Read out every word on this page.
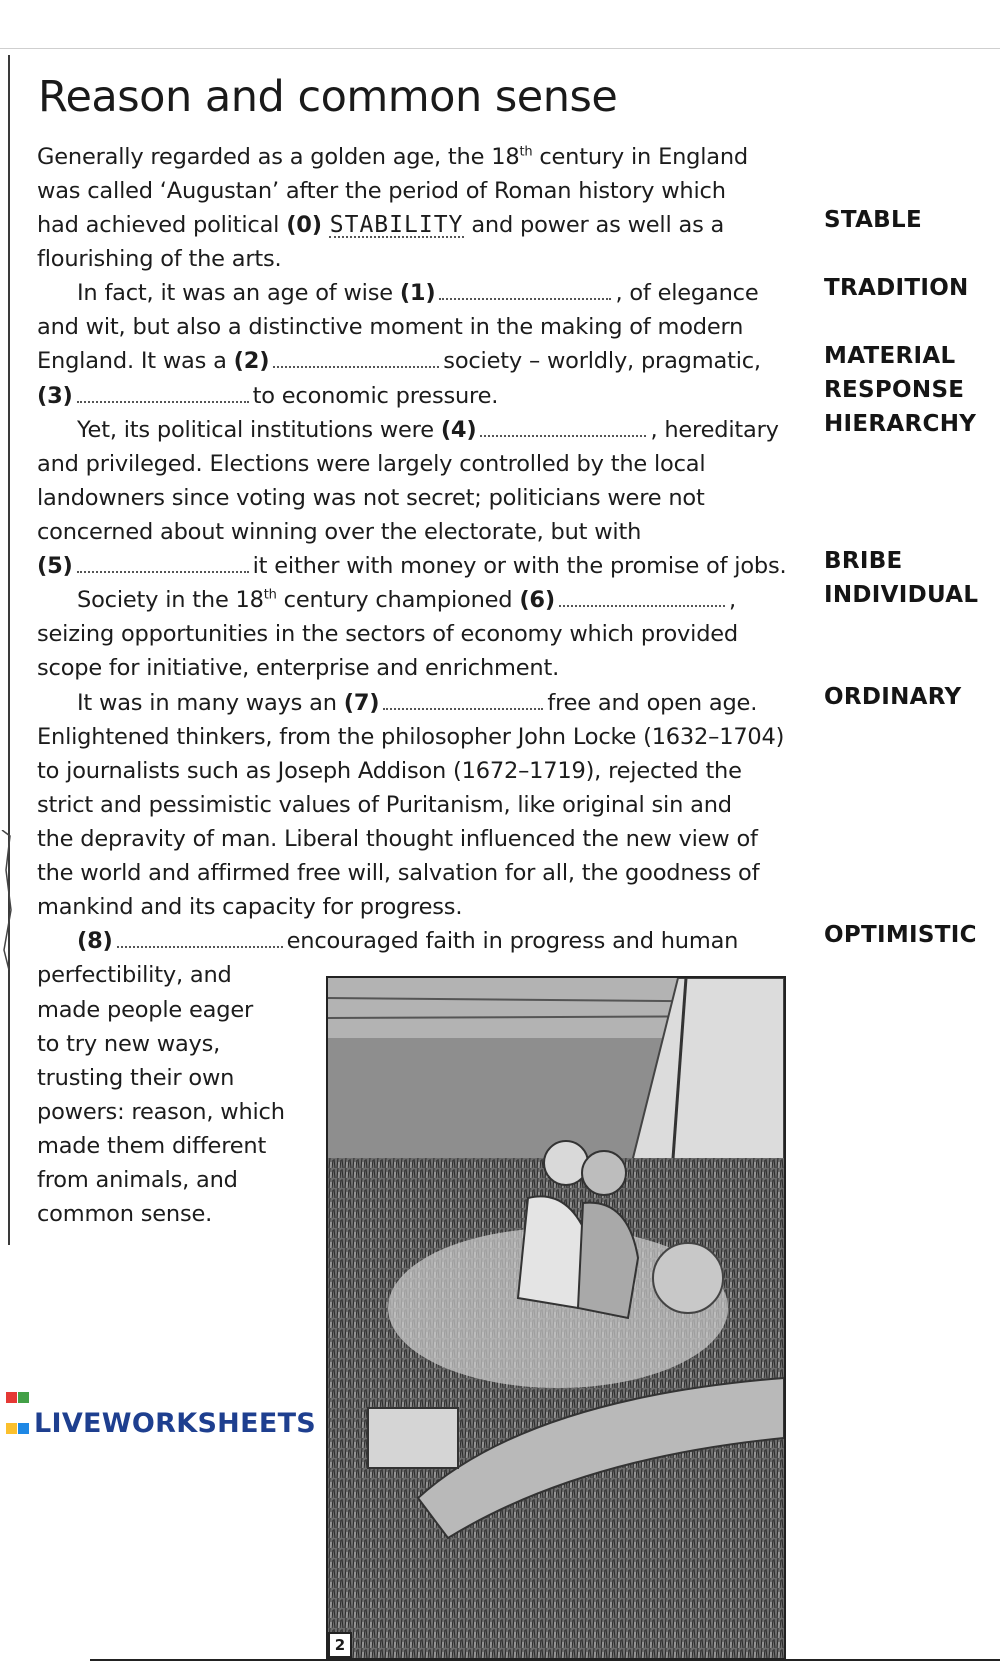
Reason and common sense
Generally regarded as a golden age, the 18th century in England
was called ‘Augustan’ after the period of Roman history which
had achieved political (0) STABILITY and power as well as a
flourishing of the arts.
In fact, it was an age of wise (1)	, of elegance
and wit, but also a distinctive moment in the making of modern
England. It was a (2)	society – worldly, pragmatic,
(3)	to economic pressure.
Yet, its political institutions were (4)	, hereditary
and privileged. Elections were largely controlled by the local
landowners since voting was not secret; politicians were not
concerned about winning over the electorate, but with
(5)	it either with money or with the promise of jobs.
Society in the 18th century championed (6)	,
seizing opportunities in the sectors of economy which provided
scope for initiative, enterprise and enrichment.
It was in many ways an (7)	free and open age.
Enlightened thinkers, from the philosopher John Locke (1632–1704)
to journalists such as Joseph Addison (1672–1719), rejected the
strict and pessimistic values of Puritanism, like original sin and
the depravity of man. Liberal thought influenced the new view of
the world and affirmed free will, salvation for all, the goodness of
mankind and its capacity for progress.
(8)	encouraged faith in progress and human
perfectibility, and
made people eager
to try new ways,
trusting their own
powers: reason, which
made them different
from animals, and
common sense.
STABLE
TRADITION
MATERIAL
RESPONSE
HIERARCHY
BRIBE
INDIVIDUAL
ORDINARY
OPTIMISTIC
2
LIVEWORKSHEETS
